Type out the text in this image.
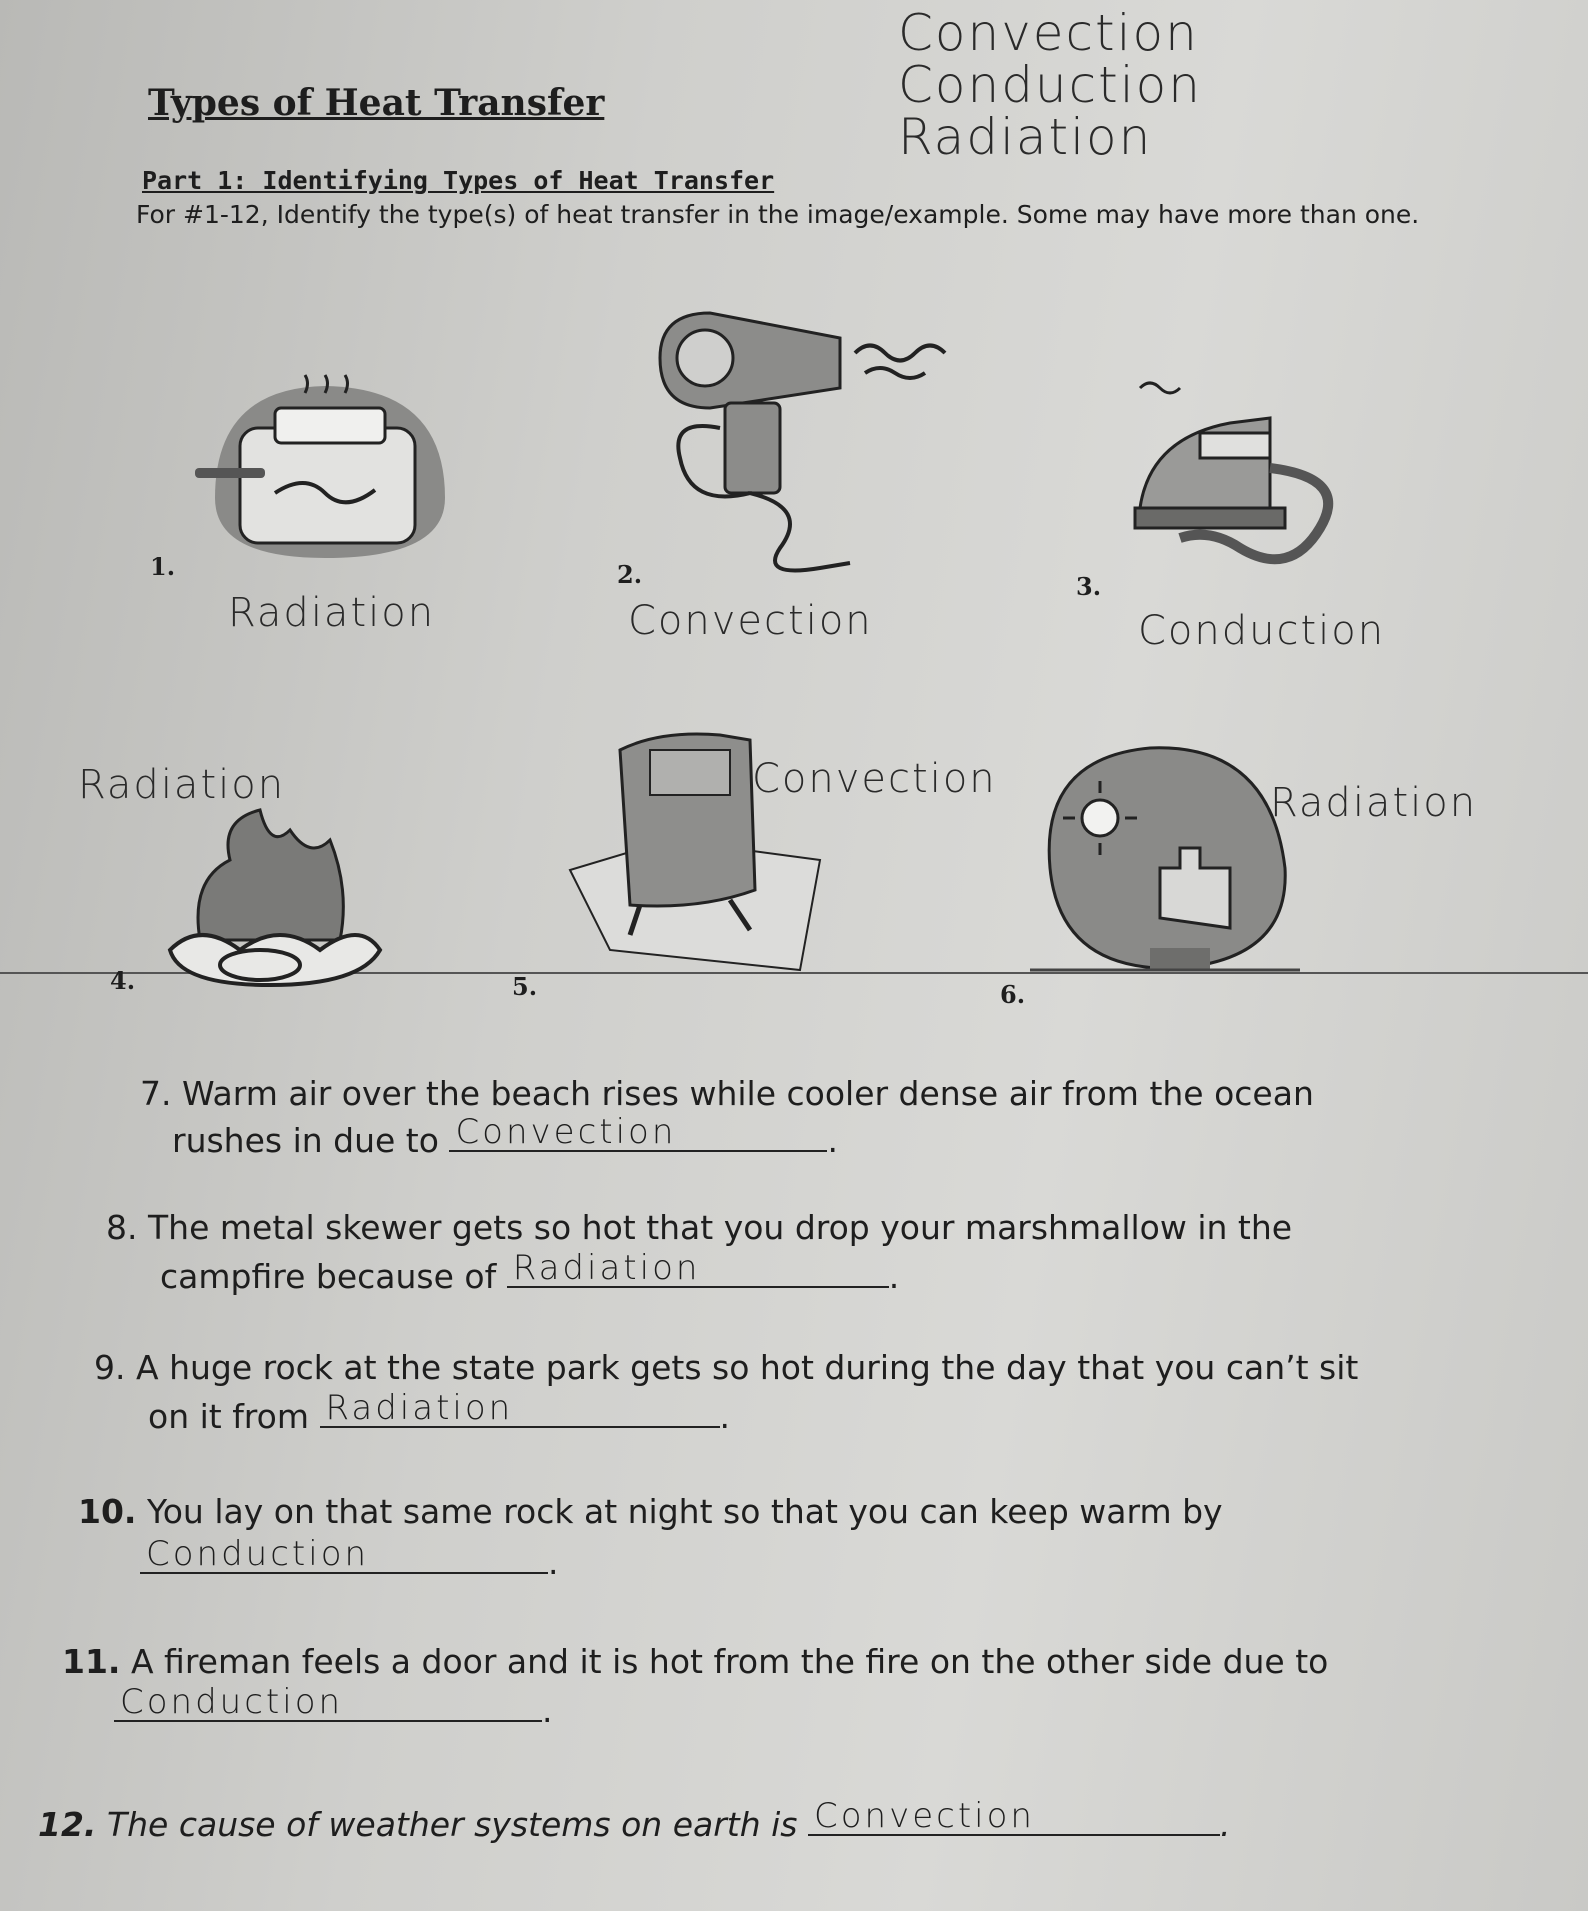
Types of Heat Transfer
Part 1: Identifying Types of Heat Transfer
For #1-12, Identify the type(s) of heat transfer in the image/example. Some may have more than one.
Convection
Conduction
Radiation
1.
Radiation
2.
Convection
3.
Conduction
4.
Radiation
5.
Convection
6.
Radiation
7. Warm air over the beach rises while cooler dense air from the ocean
rushes in due to Convection	.
8. The metal skewer gets so hot that you drop your marshmallow in the
campfire because of Radiation	.
9. A huge rock at the state park gets so hot during the day that you can’t sit
on it from Radiation	.
10. You lay on that same rock at night so that you can keep warm by
Conduction	.
11. A fireman feels a door and it is hot from the fire on the other side due to
Conduction	.
12. The cause of weather systems on earth is Convection	.
